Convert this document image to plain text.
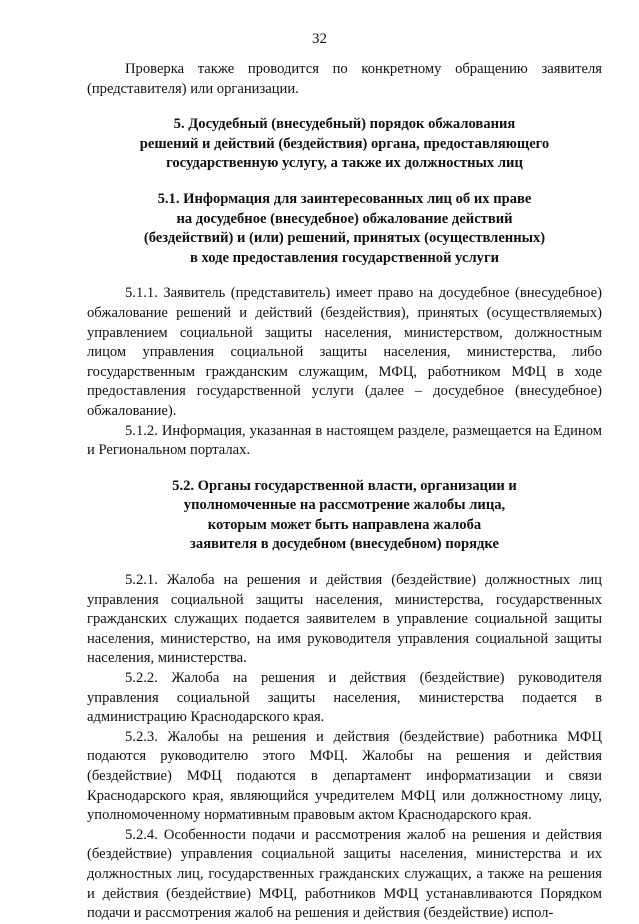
32

Проверка также проводится по конкретному обращению заявителя (представителя) или организации.

5. Досудебный (внесудебный) порядок обжалования
решений и действий (бездействия) органа, предоставляющего
государственную услугу, а также их должностных лиц
5.1. Информация для заинтересованных лиц об их праве
на досудебное (внесудебное) обжалование действий
(бездействий) и (или) решений, принятых (осуществленных)
в ходе предоставления государственной услуги

5.1.1. Заявитель (представитель) имеет право на досудебное (внесудебное) обжалование решений и действий (бездействия), принятых (осуществляемых) управлением социальной защиты населения, министерством, должностным лицом управления социальной защиты населения, министерства, либо государственным гражданским служащим, МФЦ, работником МФЦ в ходе предоставления государственной услуги (далее – досудебное (внесудебное) обжалование).

5.1.2. Информация, указанная в настоящем разделе, размещается на Едином и Региональном порталах.

5.2. Органы государственной власти, организации и
уполномоченные на рассмотрение жалобы лица,
которым может быть направлена жалоба
заявителя в досудебном (внесудебном) порядке

5.2.1. Жалоба на решения и действия (бездействие) должностных лиц управления социальной защиты населения, министерства, государственных гражданских служащих подается заявителем в управление социальной защиты населения, министерство, на имя руководителя управления социальной защиты населения, министерства.

5.2.2. Жалоба на решения и действия (бездействие) руководителя управления социальной защиты населения, министерства подается в администрацию Краснодарского края.

5.2.3. Жалобы на решения и действия (бездействие) работника МФЦ подаются руководителю этого МФЦ. Жалобы на решения и действия (бездействие) МФЦ подаются в департамент информатизации и связи Краснодарского края, являющийся учредителем МФЦ или должностному лицу, уполномоченному нормативным правовым актом Краснодарского края.

5.2.4. Особенности подачи и рассмотрения жалоб на решения и действия (бездействие) управления социальной защиты населения, министерства и их должностных лиц, государственных гражданских служащих, а также на решения и действия (бездействие) МФЦ, работников МФЦ устанавливаются Порядком подачи и рассмотрения жалоб на решения и действия (бездействие) испол-
